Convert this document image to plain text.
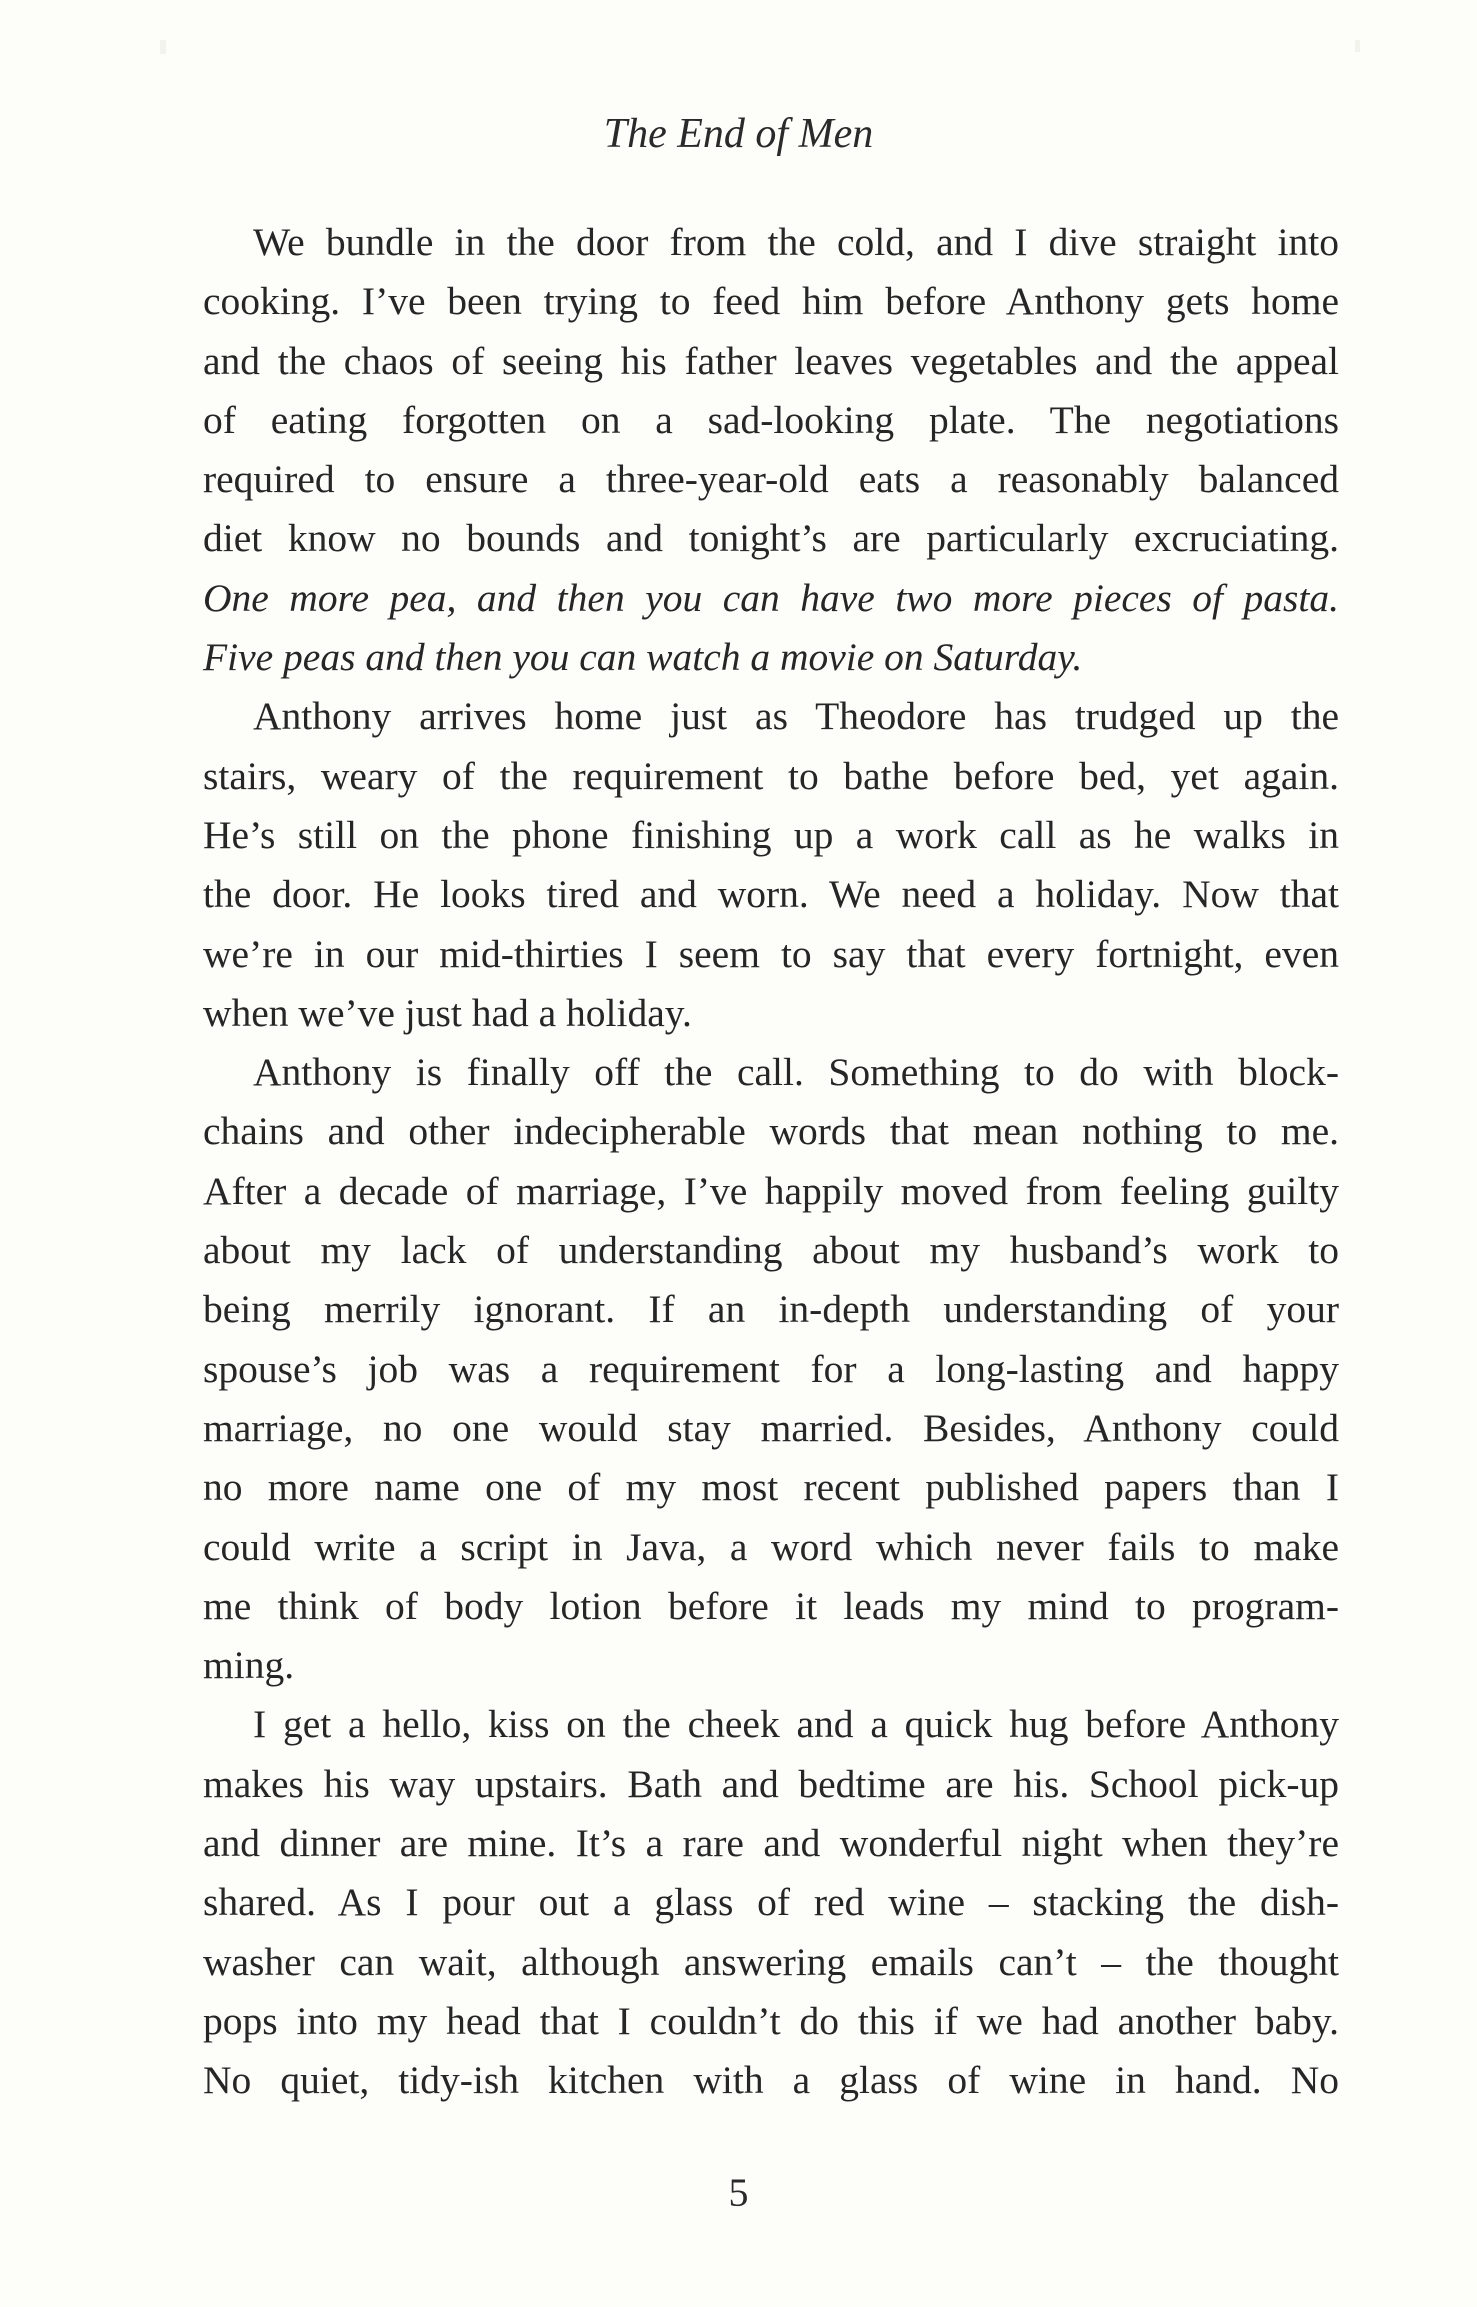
The End of Men
We bundle in the door from the cold, and I dive straight into
cooking. I’ve been trying to feed him before Anthony gets home
and the chaos of seeing his father leaves vegetables and the appeal
of eating forgotten on a sad-looking plate. The negotiations
required to ensure a three-year-old eats a reasonably balanced
diet know no bounds and tonight’s are particularly excruciating.
One more pea, and then you can have two more pieces of pasta.
Five peas and then you can watch a movie on Saturday.
Anthony arrives home just as Theodore has trudged up the
stairs, weary of the requirement to bathe before bed, yet again.
He’s still on the phone finishing up a work call as he walks in
the door. He looks tired and worn. We need a holiday. Now that
we’re in our mid-thirties I seem to say that every fortnight, even
when we’ve just had a holiday.
Anthony is finally off the call. Something to do with block-
chains and other indecipherable words that mean nothing to me.
After a decade of marriage, I’ve happily moved from feeling guilty
about my lack of understanding about my husband’s work to
being merrily ignorant. If an in-depth understanding of your
spouse’s job was a requirement for a long-lasting and happy
marriage, no one would stay married. Besides, Anthony could
no more name one of my most recent published papers than I
could write a script in Java, a word which never fails to make
me think of body lotion before it leads my mind to program-
ming.
I get a hello, kiss on the cheek and a quick hug before Anthony
makes his way upstairs. Bath and bedtime are his. School pick-up
and dinner are mine. It’s a rare and wonderful night when they’re
shared. As I pour out a glass of red wine – stacking the dish-
washer can wait, although answering emails can’t – the thought
pops into my head that I couldn’t do this if we had another baby.
No quiet, tidy-ish kitchen with a glass of wine in hand. No
5
